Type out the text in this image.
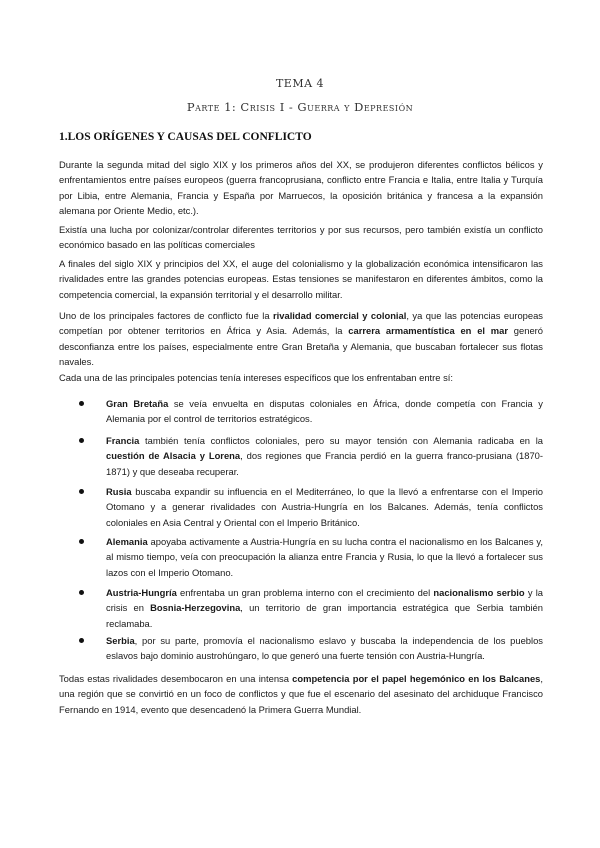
TEMA 4
Parte 1: Crisis I - Guerra y Depresión
1.LOS ORÍGENES Y CAUSAS DEL CONFLICTO

Durante la segunda mitad del siglo XIX y los primeros años del XX, se produjeron diferentes conflictos bélicos y enfrentamientos entre países europeos (guerra francoprusiana, conflicto entre Francia e Italia, entre Italia y Turquía por Libia, entre Alemania, Francia y España por Marruecos, la oposición británica y francesa a la expansión alemana por Oriente Medio, etc.).

Existía una lucha por colonizar/controlar diferentes territorios y por sus recursos, pero también existía un conflicto económico basado en las políticas comerciales

A finales del siglo XIX y principios del XX, el auge del colonialismo y la globalización económica intensificaron las rivalidades entre las grandes potencias europeas. Estas tensiones se manifestaron en diferentes ámbitos, como la competencia comercial, la expansión territorial y el desarrollo militar.

Uno de los principales factores de conflicto fue la rivalidad comercial y colonial, ya que las potencias europeas competían por obtener territorios en África y Asia. Además, la carrera armamentística en el mar generó desconfianza entre los países, especialmente entre Gran Bretaña y Alemania, que buscaban fortalecer sus flotas navales.

Cada una de las principales potencias tenía intereses específicos que los enfrentaban entre sí:

Gran Bretaña se veía envuelta en disputas coloniales en África, donde competía con Francia y Alemania por el control de territorios estratégicos.
Francia también tenía conflictos coloniales, pero su mayor tensión con Alemania radicaba en la cuestión de Alsacia y Lorena, dos regiones que Francia perdió en la guerra franco-prusiana (1870-1871) y que deseaba recuperar.
Rusia buscaba expandir su influencia en el Mediterráneo, lo que la llevó a enfrentarse con el Imperio Otomano y a generar rivalidades con Austria-Hungría en los Balcanes. Además, tenía conflictos coloniales en Asia Central y Oriental con el Imperio Británico.
Alemania apoyaba activamente a Austria-Hungría en su lucha contra el nacionalismo en los Balcanes y, al mismo tiempo, veía con preocupación la alianza entre Francia y Rusia, lo que la llevó a fortalecer sus lazos con el Imperio Otomano.
Austria-Hungría enfrentaba un gran problema interno con el crecimiento del nacionalismo serbio y la crisis en Bosnia-Herzegovina, un territorio de gran importancia estratégica que Serbia también reclamaba.
Serbia, por su parte, promovía el nacionalismo eslavo y buscaba la independencia de los pueblos eslavos bajo dominio austrohúngaro, lo que generó una fuerte tensión con Austria-Hungría.

Todas estas rivalidades desembocaron en una intensa competencia por el papel hegemónico en los Balcanes, una región que se convirtió en un foco de conflictos y que fue el escenario del asesinato del archiduque Francisco Fernando en 1914, evento que desencadenó la Primera Guerra Mundial.
